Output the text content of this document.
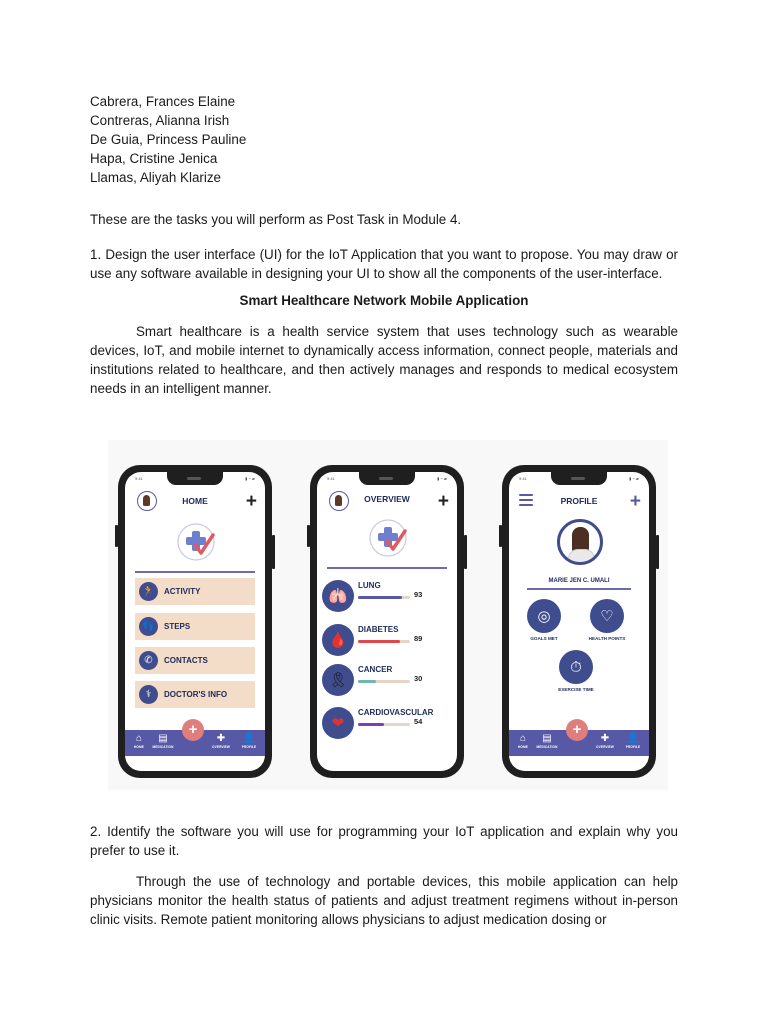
Cabrera, Frances Elaine
Contreras, Alianna Irish
De Guia, Princess Pauline
Hapa, Cristine Jenica
Llamas, Aliyah Klarize
These are the tasks you will perform as Post Task in Module 4.
1. Design the user interface (UI) for the IoT Application that you want to propose. You may draw or use any software available in designing your UI to show all the components of the user-interface.
Smart Healthcare Network Mobile Application
Smart healthcare is a health service system that uses technology such as wearable devices, IoT, and mobile internet to dynamically access information, connect people, materials and institutions related to healthcare, and then actively manages and responds to medical ecosystem needs in an intelligent manner.
9:41	▮ ◔ ▰
HOME	+
🏃	ACTIVITY
👣	STEPS
✆	CONTACTS
⚕	DOCTOR'S INFO
⌂
HOME
▤
MEDICATION
✚
OVERVIEW
👤
PROFILE
+
9:41	▮ ◔ ▰
OVERVIEW	+
🫁
LUNG
93
🩸
DIABETES
89
🎗
CANCER
30
❤
CARDIOVASCULAR
54
9:41	▮ ◔ ▰
PROFILE	+
MARIE JEN C. UMALI
◎
GOALS MET
♡
HEALTH POINTS
⏱
EXERCISE TIME
⌂
HOME
▤
MEDICATION
✚
OVERVIEW
👤
PROFILE
+
2. Identify the software you will use for programming your IoT application and explain why you prefer to use it.
Through the use of technology and portable devices, this mobile application can help physicians monitor the health status of patients and adjust treatment regimens without in-person clinic visits. Remote patient monitoring allows physicians to adjust medication dosing or
